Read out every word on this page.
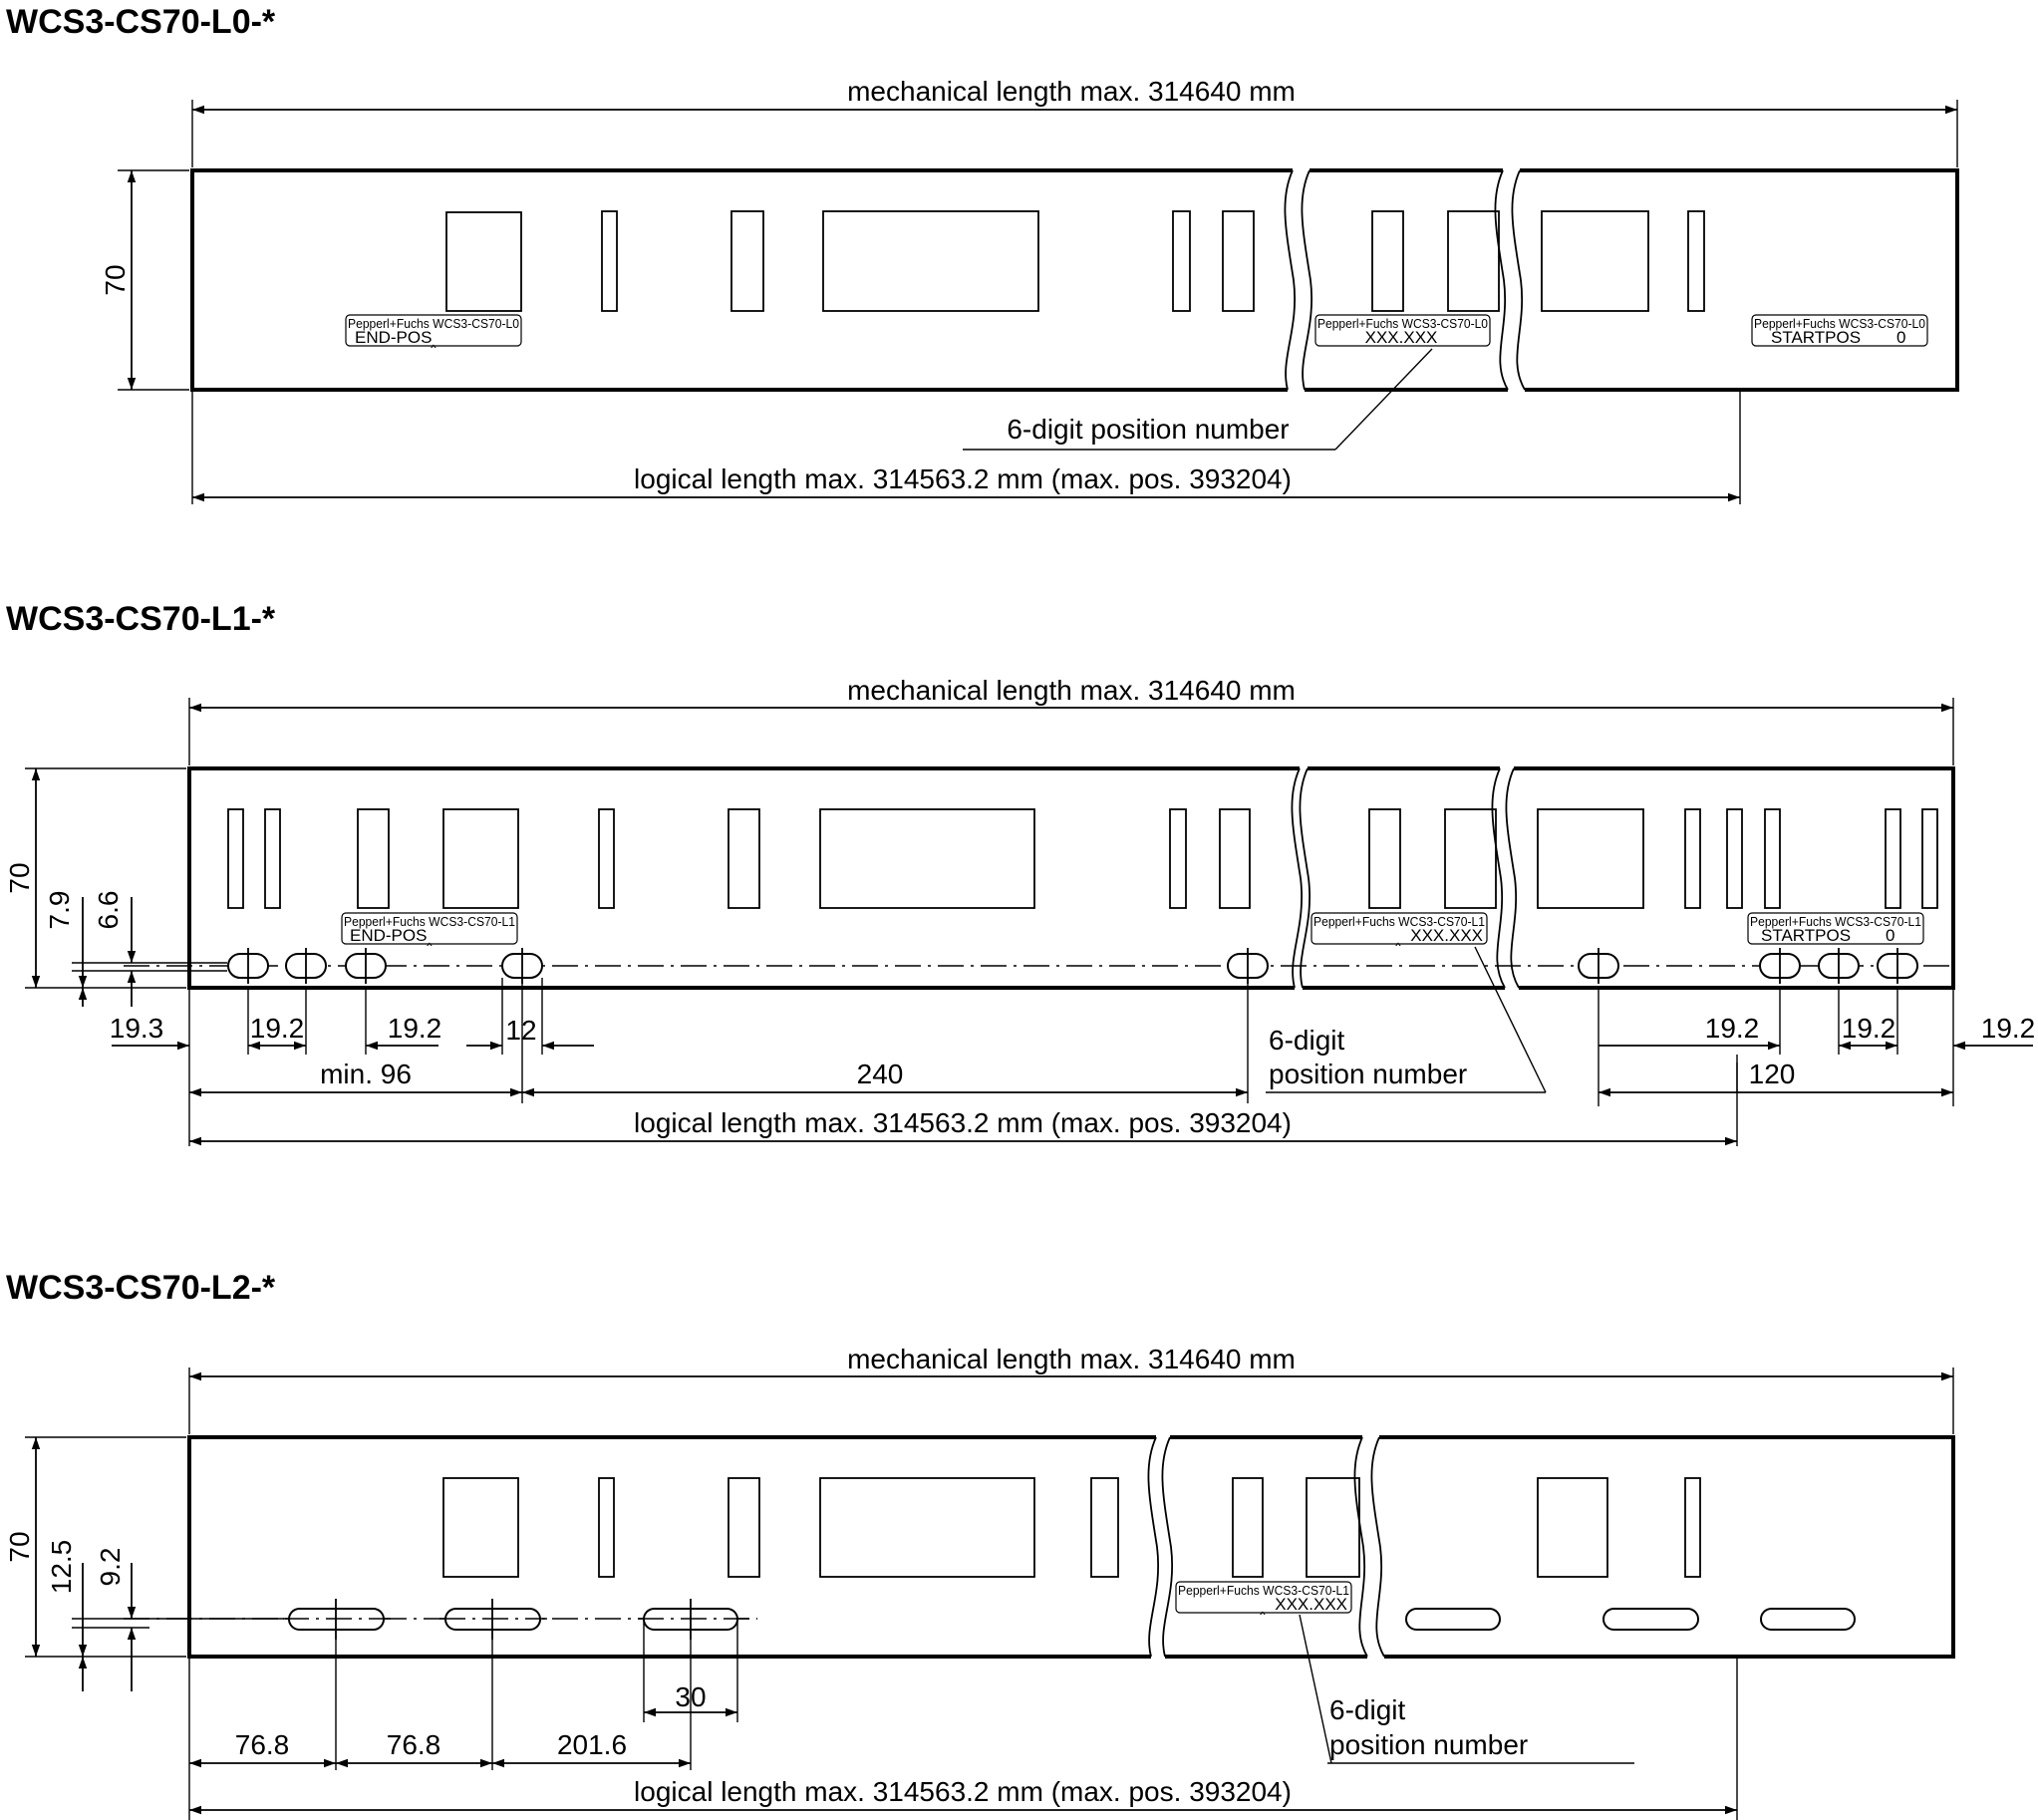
WCS3-CS70-L0-*
mechanical length max. 314640 mm
70
Pepperl+Fuchs WCS3-CS70-L0
END-POS
‸
Pepperl+Fuchs WCS3-CS70-L0
XXX.XXX
Pepperl+Fuchs WCS3-CS70-L0
STARTPOS 0
6-digit position number
logical length max. 314563.2 mm (max. pos. 393204)
WCS3-CS70-L1-*
mechanical length max. 314640 mm
70
Pepperl+Fuchs WCS3-CS70-L1
END-POS ‸
Pepperl+Fuchs WCS3-CS70-L1
‸ XXX.XXX
Pepperl+Fuchs WCS3-CS70-L1
STARTPOS 0
7.9 6.6
19.3	19.2	19.2 12	19.2	19.2	19.2
min. 96	240	120
6-digit
position number
logical length max. 314563.2 mm (max. pos. 393204)
WCS3-CS70-L2-*
mechanical length max. 314640 mm
70
Pepperl+Fuchs WCS3-CS70-L1
‸ XXX.XXX
12.5 9.2
30
76.8	76.8	201.6
6-digit
position number
logical length max. 314563.2 mm (max. pos. 393204)
